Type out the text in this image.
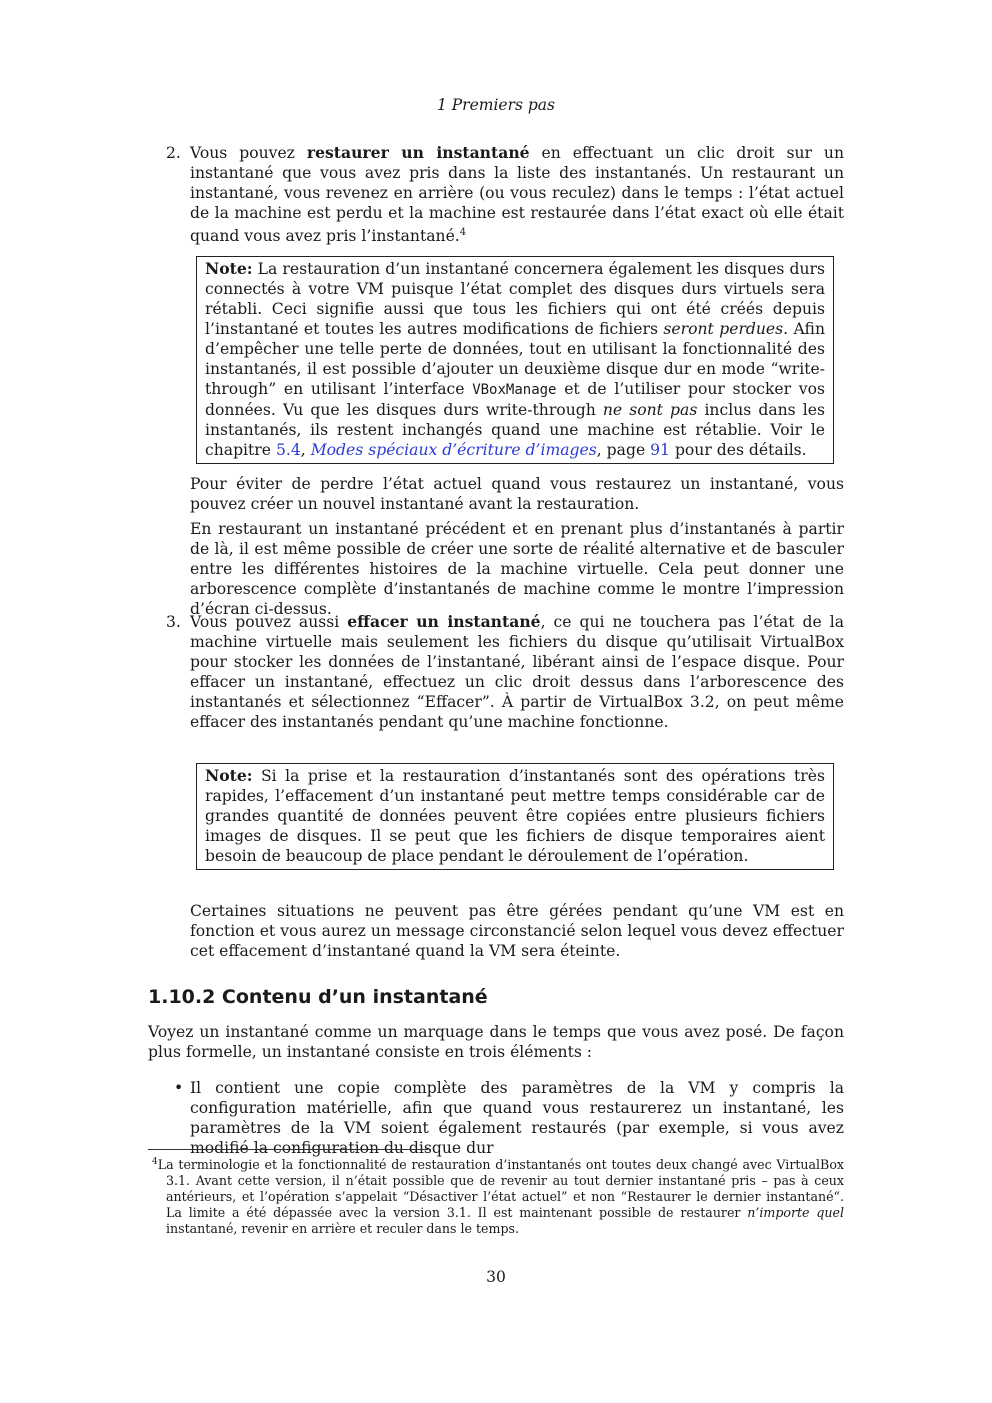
1 Premiers pas
2. Vous pouvez restaurer un instantané en effectuant un clic droit sur un instantané que vous avez pris dans la liste des instantanés. Un restaurant un instantané, vous revenez en arrière (ou vous reculez) dans le temps : l’état actuel de la machine est perdu et la machine est restaurée dans l’état exact où elle était quand vous avez pris l’instantané.$^4$
Note: La restauration d’un instantané concernera également les disques durs connectés à votre VM puisque l’état complet des disques durs virtuels sera rétabli. Ceci signifie aussi que tous les fichiers qui ont été créés depuis l’instantané et toutes les autres modifications de fichiers seront perdues. Afin d’empêcher une telle perte de données, tout en utilisant la fonctionnalité des instantanés, il est possible d’ajouter un deuxième disque dur en mode “write-through” en utilisant l’interface VBoxManage et de l’utiliser pour stocker vos données. Vu que les disques durs write-through ne sont pas inclus dans les instantanés, ils restent inchangés quand une machine est rétablie. Voir le chapitre 5.4, Modes spéciaux d’écriture d’images, page 91 pour des détails.
Pour éviter de perdre l’état actuel quand vous restaurez un instantané, vous pouvez créer un nouvel instantané avant la restauration.
En restaurant un instantané précédent et en prenant plus d’instantanés à partir de là, il est même possible de créer une sorte de réalité alternative et de basculer entre les différentes histoires de la machine virtuelle. Cela peut donner une arborescence complète d’instantanés de machine comme le montre l’impression d’écran ci-dessus.
3. Vous pouvez aussi effacer un instantané, ce qui ne touchera pas l’état de la machine virtuelle mais seulement les fichiers du disque qu’utilisait VirtualBox pour stocker les données de l’instantané, libérant ainsi de l’espace disque. Pour effacer un instantané, effectuez un clic droit dessus dans l’arborescence des instantanés et sélectionnez “Effacer”. À partir de VirtualBox 3.2, on peut même effacer des instantanés pendant qu’une machine fonctionne.
Note: Si la prise et la restauration d’instantanés sont des opérations très rapides, l’effacement d’un instantané peut mettre temps considérable car de grandes quantité de données peuvent être copiées entre plusieurs fichiers images de disques. Il se peut que les fichiers de disque temporaires aient besoin de beaucoup de place pendant le déroulement de l’opération.
Certaines situations ne peuvent pas être gérées pendant qu’une VM est en fonction et vous aurez un message circonstancié selon lequel vous devez effectuer cet effacement d’instantané quand la VM sera éteinte.
1.10.2 Contenu d’un instantané
Voyez un instantané comme un marquage dans le temps que vous avez posé. De façon plus formelle, un instantané consiste en trois éléments :
• Il contient une copie complète des paramètres de la VM y compris la configuration matérielle, afin que quand vous restaurerez un instantané, les paramètres de la VM soient également restaurés (par exemple, si vous avez modifié la configuration du disque dur
$^4$La terminologie et la fonctionnalité de restauration d’instantanés ont toutes deux changé avec VirtualBox 3.1. Avant cette version, il n’était possible que de revenir au tout dernier instantané pris – pas à ceux antérieurs, et l’opération s’appelait “Désactiver l’état actuel” et non “Restaurer le dernier instantané“. La limite a été dépassée avec la version 3.1. Il est maintenant possible de restaurer n’importe quel instantané, revenir en arrière et reculer dans le temps.
30
